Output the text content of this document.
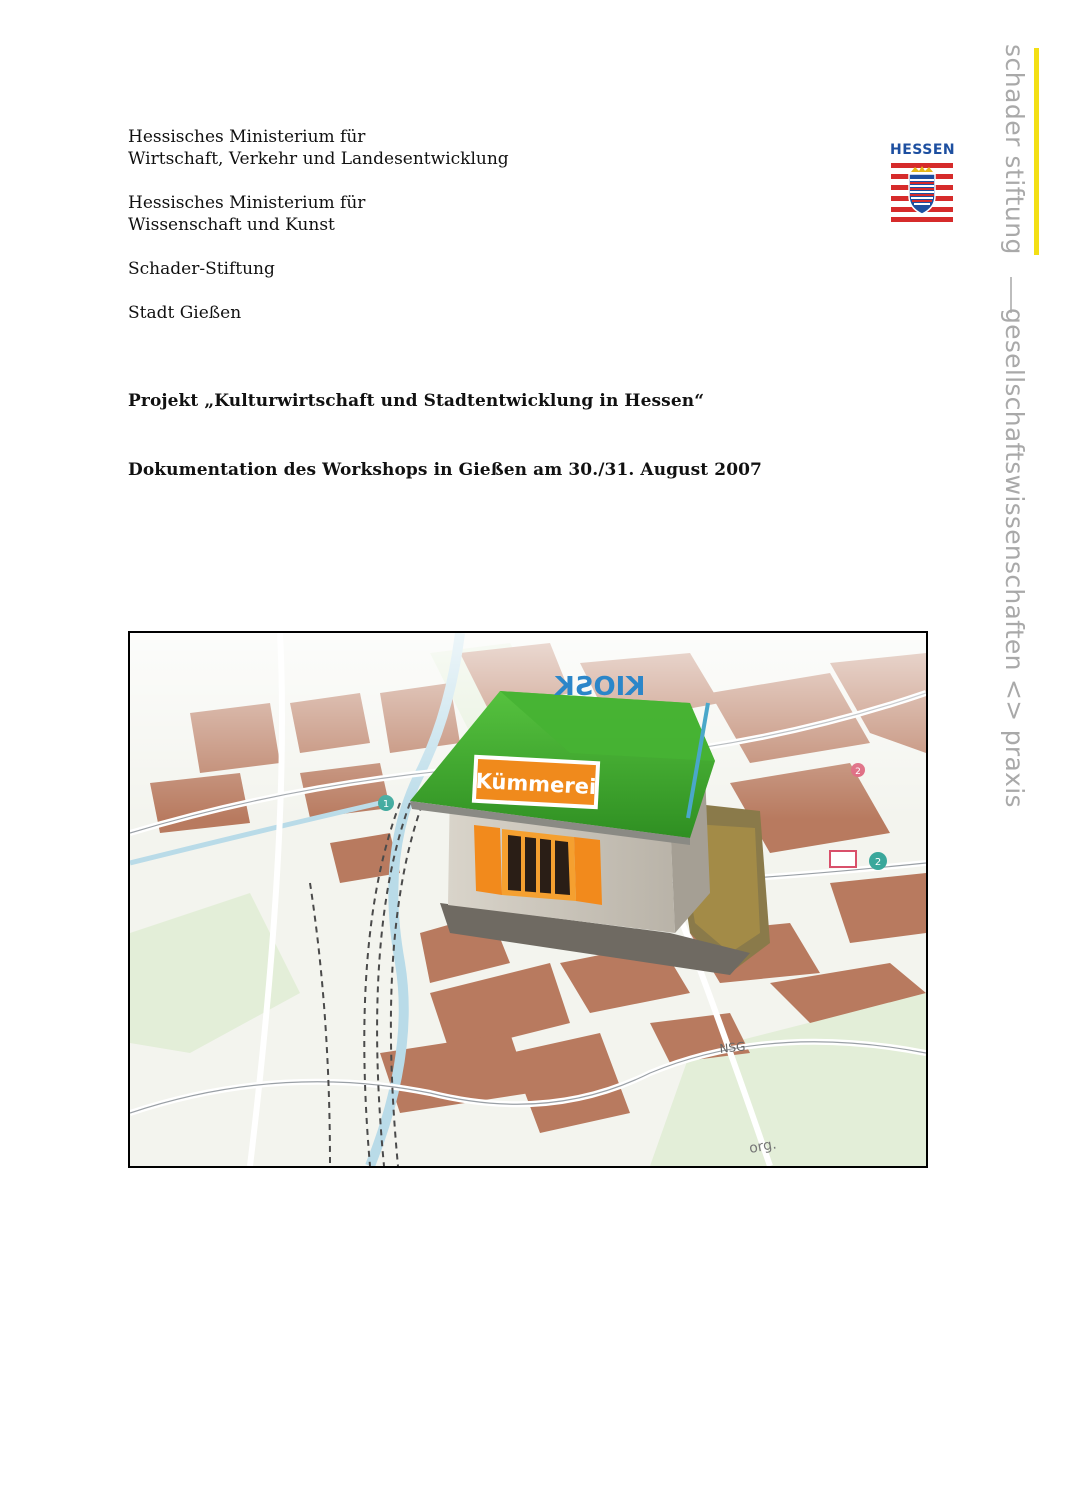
Hessisches Ministerium für
Wirtschaft, Verkehr und Landesentwicklung
Hessisches Ministerium für
Wissenschaft und Kunst
Schader-Stiftung
Stadt Gießen
Projekt „Kulturwirtschaft und Stadtentwicklung in Hessen“
Dokumentation des Workshops in Gießen am 30./31. August 2007
HESSEN schader stiftung
gesellschaftswissenschaften <> praxis
Kümmerei
KIOSK
